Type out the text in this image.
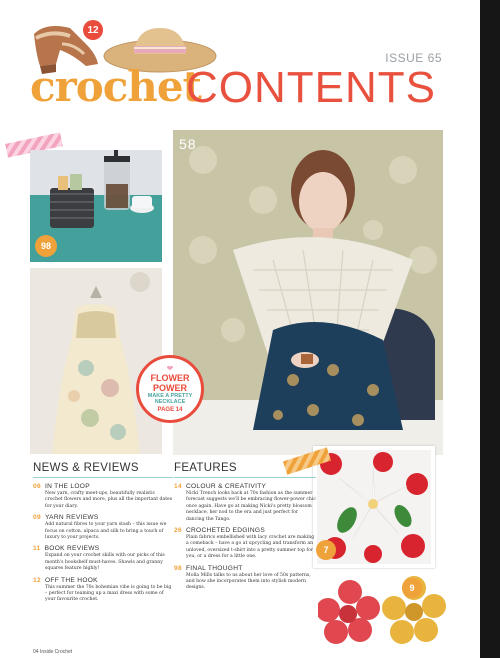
12
ISSUE 65
crochet
CONTENTS
98
58
❤
FLOWER
POWER
MAKE A PRETTY
NECKLACE
PAGE 14
7
9
NEWS & REVIEWS
06 IN THE LOOP
New yarn, crafty meet-ups, beautifully realistic crochet flowers and more, plus all the important dates for your diary.
09 YARN REVIEWS
Add natural fibres to your yarn stash – this issue we focus on cotton, alpaca and silk to bring a touch of luxury to your projects.
11 BOOK REVIEWS
Expand on your crochet skills with our picks of this month's bookshelf must-haves. Shawls and granny squares feature highly!
12 OFF THE HOOK
This summer the 70s bohemian vibe is going to be big – perfect for teaming up a maxi dress with some of your favourite crochet.
FEATURES
14 COLOUR & CREATIVITY
Nicki Trench looks back at 70s fashion as the summer forecast suggests we'll be embracing flower-power chic once again. Have go at making Nicki's pretty blossom necklace, her nod to the era and just perfect for dancing the Tango.
26 CROCHETED EDGINGS
Plain fabrics embellished with lacy crochet are making a comeback – have a go at upcycling and transform an unloved, oversized t-shirt into a pretty summer top for you, or a dress for a little one.
98 FINAL THOUGHT
Molla Mills talks to us about her love of 50s patterns, and how she incorporates them into stylish modern designs.
04 Inside Crochet
